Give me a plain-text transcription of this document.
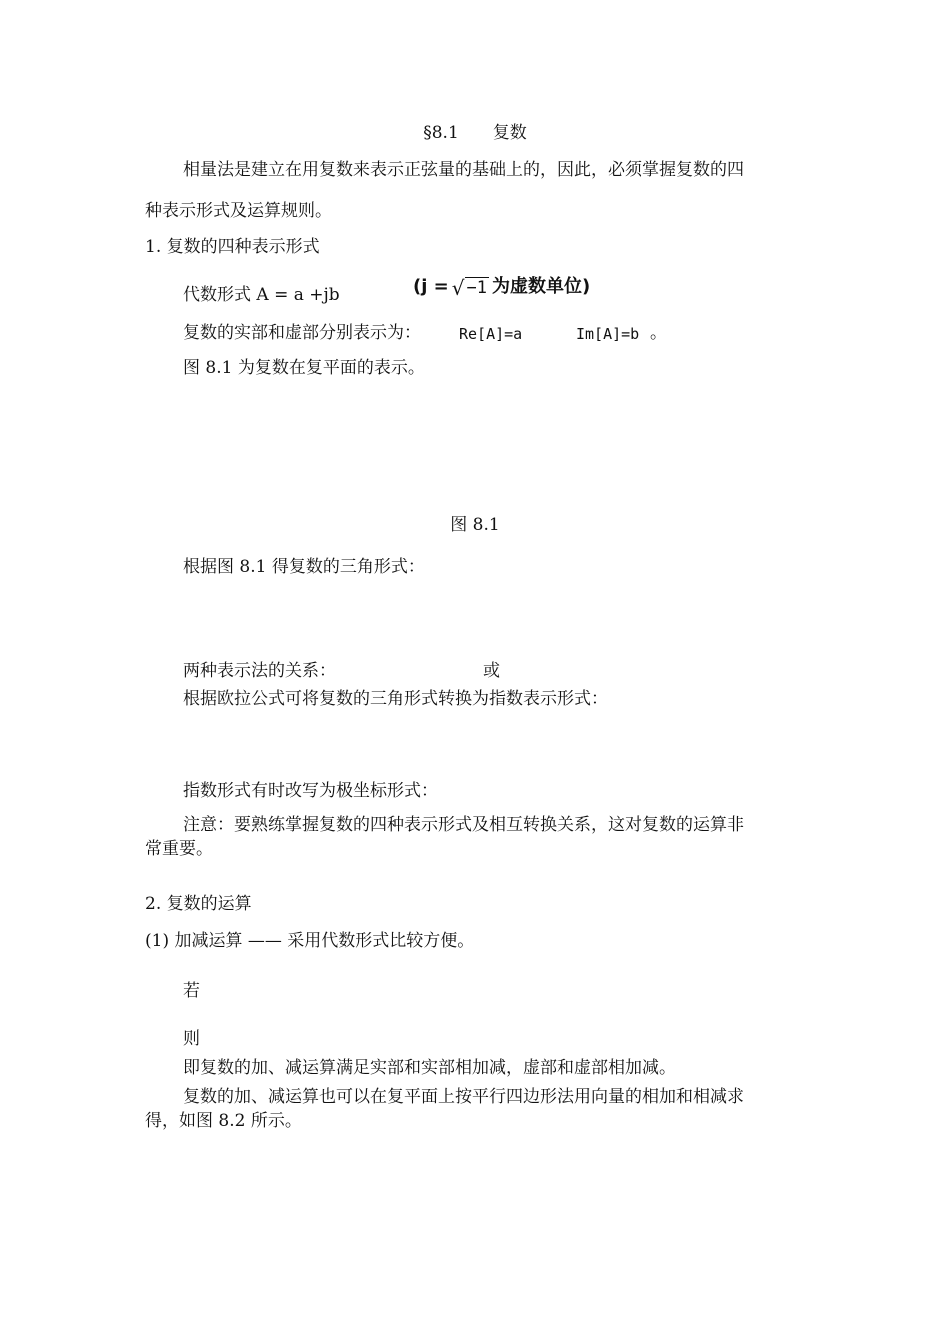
§8.1　　复数
相量法是建立在用复数来表示正弦量的基础上的，因此，必须掌握复数的四
种表示形式及运算规则。
1. 复数的四种表示形式
代数形式 A = a +jb	(j = √ −1 为虚数单位)
复数的实部和虚部分别表示为：	Re[A]=a	Im[A]=b 。
图 8.1 为复数在复平面的表示。
图 8.1
根据图 8.1 得复数的三角形式：
两种表示法的关系：	或
根据欧拉公式可将复数的三角形式转换为指数表示形式：
指数形式有时改写为极坐标形式：
注意：要熟练掌握复数的四种表示形式及相互转换关系，这对复数的运算非
常重要。
2. 复数的运算
(1) 加减运算 —— 采用代数形式比较方便。
若
则
即复数的加、减运算满足实部和实部相加减，虚部和虚部相加减。
复数的加、减运算也可以在复平面上按平行四边形法用向量的相加和相减求
得，如图 8.2 所示。
